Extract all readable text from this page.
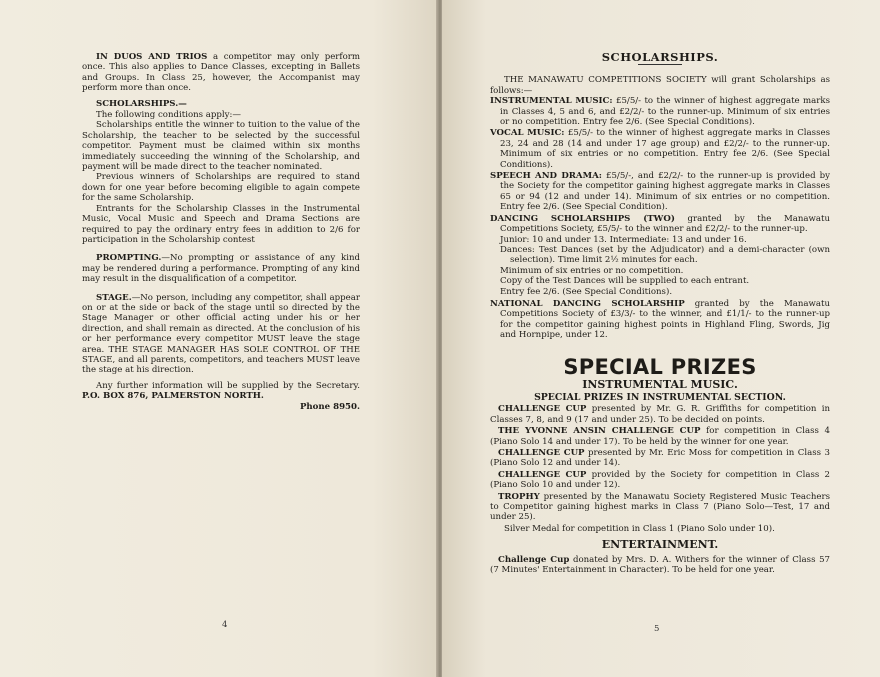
IN DUOS AND TRIOS a competitor may only perform once. This also applies to Dance Classes, excepting in Ballets and Groups. In Class 25, however, the Accompanist may perform more than once.

SCHOLARSHIPS.—

The following conditions apply:—

Scholarships entitle the winner to tuition to the value of the Scholarship, the teacher to be selected by the successful competitor. Payment must be claimed within six months immediately succeeding the winning of the Scholarship, and payment will be made direct to the teacher nominated.

Previous winners of Scholarships are required to stand down for one year before becoming eligible to again compete for the same Scholarship.

Entrants for the Scholarship Classes in the Instrumental Music, Vocal Music and Speech and Drama Sections are required to pay the ordinary entry fees in addition to 2/6 for participation in the Scholarship contest

PROMPTING.—No prompting or assistance of any kind may be rendered during a performance. Prompting of any kind may result in the disqualification of a competitor.

STAGE.—No person, including any competitor, shall appear on or at the side or back of the stage until so directed by the Stage Manager or other official acting under his or her direction, and shall remain as directed. At the conclusion of his or her performance every competitor MUST leave the stage area. THE STAGE MANAGER HAS SOLE CONTROL OF THE STAGE, and all parents, competitors, and teachers MUST leave the stage at his direction.

Any further information will be supplied by the Secretary. P.O. BOX 876, PALMERSTON NORTH.

Phone 8950.

4

SCHOLARSHIPS.

THE MANAWATU COMPETITIONS SOCIETY will grant Scholarships as follows:—

INSTRUMENTAL MUSIC: £5/5/- to the winner of highest aggregate marks in Classes 4, 5 and 6, and £2/2/- to the runner-up. Minimum of six entries or no competition. Entry fee 2/6. (See Special Conditions).

VOCAL MUSIC: £5/5/- to the winner of highest aggregate marks in Classes 23, 24 and 28 (14 and under 17 age group) and £2/2/- to the runner-up. Minimum of six entries or no competition. Entry fee 2/6. (See Special Conditions).

SPEECH AND DRAMA: £5/5/-, and £2/2/- to the runner-up is provided by the Society for the competitor gaining highest aggregate marks in Classes 65 or 94 (12 and under 14). Minimum of six entries or no competition. Entry fee 2/6. (See Special Condition).

DANCING SCHOLARSHIPS (TWO) granted by the Manawatu Competitions Society, £5/5/- to the winner and £2/2/- to the runner-up.

Junior: 10 and under 13. Intermediate: 13 and under 16.

Dances: Test Dances (set by the Adjudicator) and a demi-character (own selection). Time limit 2½ minutes for each.

Minimum of six entries or no competition.

Copy of the Test Dances will be supplied to each entrant.

Entry fee 2/6. (See Special Conditions).

NATIONAL DANCING SCHOLARSHIP granted by the Manawatu Competitions Society of £3/3/- to the winner, and £1/1/- to the runner-up for the competitor gaining highest points in Highland Fling, Swords, Jig and Hornpipe, under 12.

SPECIAL PRIZES

INSTRUMENTAL MUSIC.

SPECIAL PRIZES IN INSTRUMENTAL SECTION.

CHALLENGE CUP presented by Mr. G. R. Griffiths for competition in Classes 7, 8, and 9 (17 and under 25). To be decided on points.

THE YVONNE ANSIN CHALLENGE CUP for competition in Class 4 (Piano Solo 14 and under 17). To be held by the winner for one year.

CHALLENGE CUP presented by Mr. Eric Moss for competition in Class 3 (Piano Solo 12 and under 14).

CHALLENGE CUP provided by the Society for competition in Class 2 (Piano Solo 10 and under 12).

TROPHY presented by the Manawatu Society Registered Music Teachers to Competitor gaining highest marks in Class 7 (Piano Solo—Test, 17 and under 25).

Silver Medal for competition in Class 1 (Piano Solo under 10).

ENTERTAINMENT.

Challenge Cup donated by Mrs. D. A. Withers for the winner of Class 57 (7 Minutes' Entertainment in Character). To be held for one year.

5
